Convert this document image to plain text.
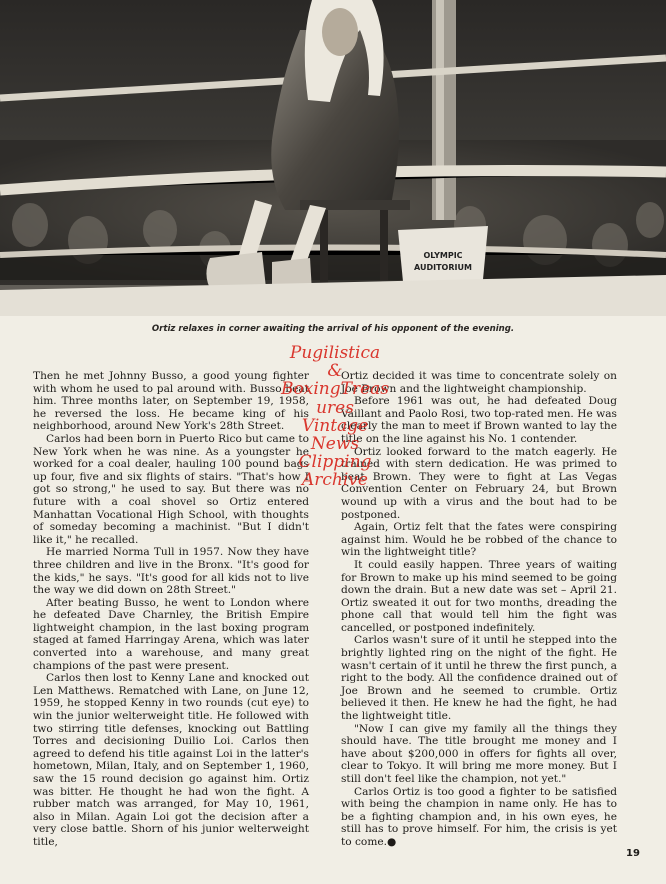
OLYMPIC
AUDITORIUM
Ortiz relaxes in corner awaiting the arrival of his opponent of the evening.

Then he met Johnny Busso, a good young fighter with whom he used to pal around with. Busso beat him. Three months later, on September 19, 1958, he reversed the loss. He became king of his neighborhood, around New York's 28th Street.

Carlos had been born in Puerto Rico but came to New York when he was nine. As a youngster he worked for a coal dealer, hauling 100 pound bags up four, five and six flights of stairs. "That's how I got so strong," he used to say. But there was no future with a coal shovel so Ortiz entered Manhattan Vocational High School, with thoughts of someday becoming a machinist. "But I didn't like it," he recalled.

He married Norma Tull in 1957. Now they have three children and live in the Bronx. "It's good for the kids," he says. "It's good for all kids not to live the way we did down on 28th Street."

After beating Busso, he went to London where he defeated Dave Charnley, the British Empire lightweight champion, in the last boxing program staged at famed Harringay Arena, which was later converted into a warehouse, and many great champions of the past were present.

Carlos then lost to Kenny Lane and knocked out Len Matthews. Rematched with Lane, on June 12, 1959, he stopped Kenny in two rounds (cut eye) to win the junior welterweight title. He followed with two stirring title defenses, knocking out Battling Torres and decisioning Duilio Loi. Carlos then agreed to defend his title against Loi in the latter's hometown, Milan, Italy, and on September 1, 1960, saw the 15 round decision go against him. Ortiz was bitter. He thought he had won the fight. A rubber match was arranged, for May 10, 1961, also in Milan. Again Loi got the decision after a very close battle. Shorn of his junior welterweight title,

Ortiz decided it was time to concentrate solely on Joe Brown and the lightweight championship.

Before 1961 was out, he had defeated Doug Vaillant and Paolo Rosi, two top-rated men. He was clearly the man to meet if Brown wanted to lay the title on the line against his No. 1 contender.

Ortiz looked forward to the match eagerly. He trained with stern dedication. He was primed to beat Brown. They were to fight at Las Vegas Convention Center on February 24, but Brown wound up with a virus and the bout had to be postponed.

Again, Ortiz felt that the fates were conspiring against him. Would he be robbed of the chance to win the lightweight title?

It could easily happen. Three years of waiting for Brown to make up his mind seemed to be going down the drain. But a new date was set – April 21. Ortiz sweated it out for two months, dreading the phone call that would tell him the fight was cancelled, or postponed indefinitely.

Carlos wasn't sure of it until he stepped into the brightly lighted ring on the night of the fight. He wasn't certain of it until he threw the first punch, a right to the body. All the confidence drained out of Joe Brown and he seemed to crumble. Ortiz believed it then. He knew he had the fight, he had the lightweight title.

"Now I can give my family all the things they should have. The title brought me money and I have about $200,000 in offers for fights all over, clear to Tokyo. It will bring me more money. But I still don't feel like the champion, not yet."

Carlos Ortiz is too good a fighter to be satisfied with being the champion in name only. He has to be a fighting champion and, in his own eyes, he still has to prove himself. For him, the crisis is yet to come.●

Pugilistica
&
BoxingTreas
ures
Vintage
News
Clipping
Archive
19
